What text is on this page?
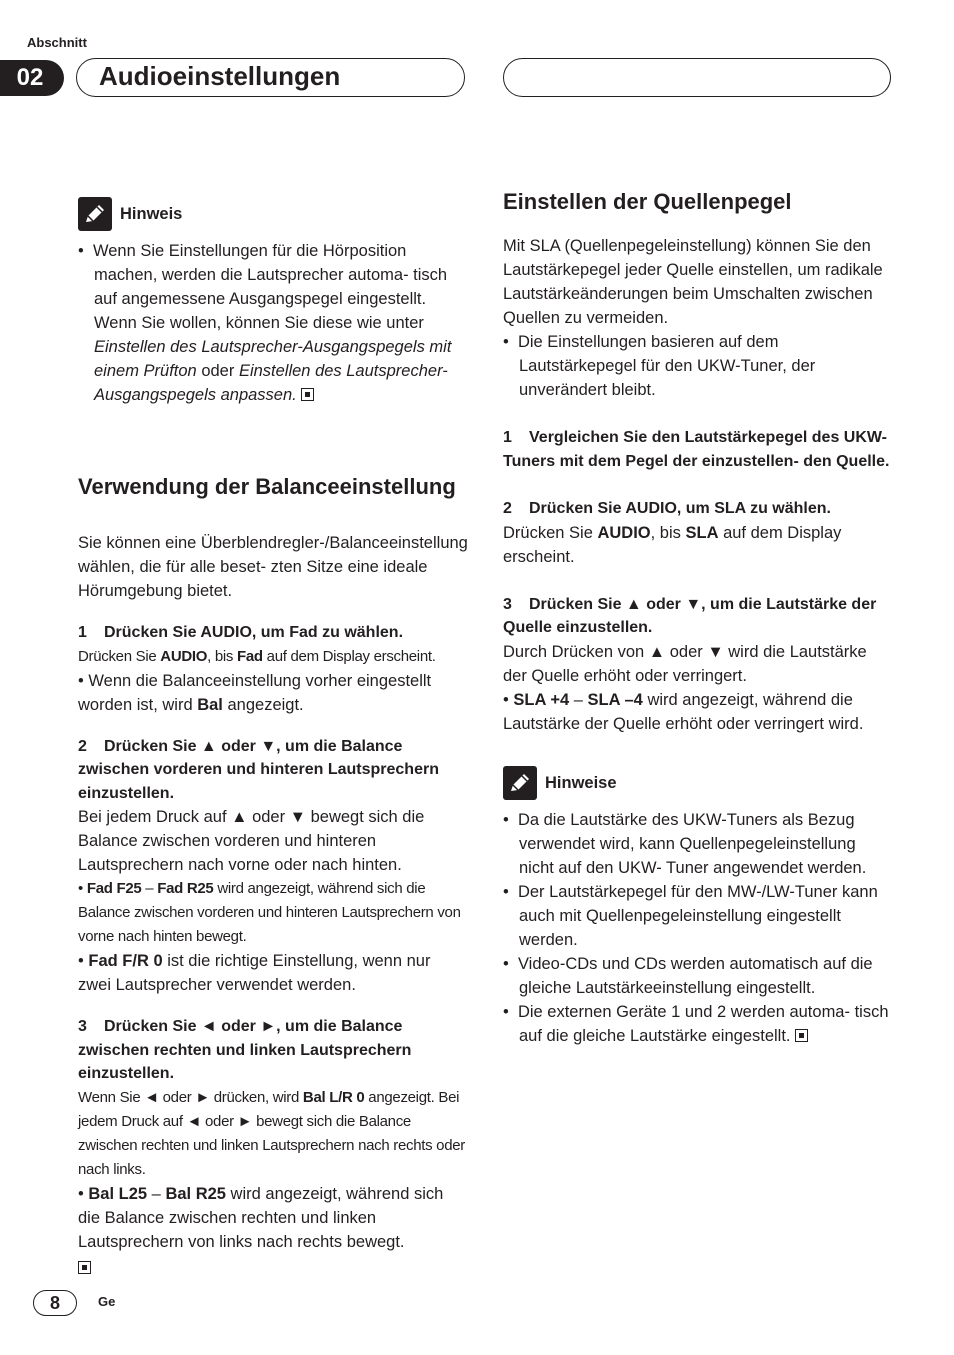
Abschnitt
02	Audioeinstellungen
Hinweis

•  Wenn Sie Einstellungen für die Hörposition machen, werden die Lautsprecher automa- tisch auf angemessene Ausgangspegel eingestellt. Wenn Sie wollen, können Sie diese wie unter Einstellen des Lautsprecher-Ausgangspegels mit einem Prüfton oder Einstellen des Lautsprecher-Ausgangspegels anpassen.

Verwendung der Balanceeinstellung

Sie können eine Überblendregler-/Balanceeinstellung wählen, die für alle beset- zten Sitze eine ideale Hörumgebung bietet.

1 Drücken Sie AUDIO, um Fad zu wählen.

Drücken Sie AUDIO, bis Fad auf dem Display erscheint.

• Wenn die Balanceeinstellung vorher eingestellt worden ist, wird Bal angezeigt.

2 Drücken Sie ▲ oder ▼, um die Balance zwischen vorderen und hinteren Lautsprechern einzustellen.

Bei jedem Druck auf ▲ oder ▼ bewegt sich die Balance zwischen vorderen und hinteren Lautsprechern nach vorne oder nach hinten.

• Fad F25 – Fad R25 wird angezeigt, während sich die Balance zwischen vorderen und hinteren Lautsprechern von vorne nach hinten bewegt.

• Fad F/R 0 ist die richtige Einstellung, wenn nur zwei Lautsprecher verwendet werden.

3 Drücken Sie ◄ oder ►, um die Balance zwischen rechten und linken Lautsprechern einzustellen.

Wenn Sie ◄ oder ► drücken, wird Bal L/R 0 angezeigt. Bei jedem Druck auf ◄ oder ► bewegt sich die Balance zwischen rechten und linken Lautsprechern nach rechts oder nach links.

• Bal L25 – Bal R25 wird angezeigt, während sich die Balance zwischen rechten und linken Lautsprechern von links nach rechts bewegt.

Einstellen der Quellenpegel

Mit SLA (Quellenpegeleinstellung) können Sie den Lautstärkepegel jeder Quelle einstellen, um radikale Lautstärkeänderungen beim Umschalten zwischen Quellen zu vermeiden.

•  Die Einstellungen basieren auf dem Lautstärkepegel für den UKW-Tuner, der unverändert bleibt.

1 Vergleichen Sie den Lautstärkepegel des UKW-Tuners mit dem Pegel der einzustellen- den Quelle.

2 Drücken Sie AUDIO, um SLA zu wählen.

Drücken Sie AUDIO, bis SLA auf dem Display erscheint.

3 Drücken Sie ▲ oder ▼, um die Lautstärke der Quelle einzustellen.

Durch Drücken von ▲ oder ▼ wird die Lautstärke der Quelle erhöht oder verringert.

• SLA +4 – SLA –4 wird angezeigt, während die Lautstärke der Quelle erhöht oder verringert wird.

Hinweise

•  Da die Lautstärke des UKW-Tuners als Bezug verwendet wird, kann Quellenpegeleinstellung nicht auf den UKW- Tuner angewendet werden.

•  Der Lautstärkepegel für den MW-/LW-Tuner kann auch mit Quellenpegeleinstellung eingestellt werden.

•  Video-CDs und CDs werden automatisch auf die gleiche Lautstärkeeinstellung eingestellt.

•  Die externen Geräte 1 und 2 werden automa- tisch auf die gleiche Lautstärke eingestellt.

8	Ge
